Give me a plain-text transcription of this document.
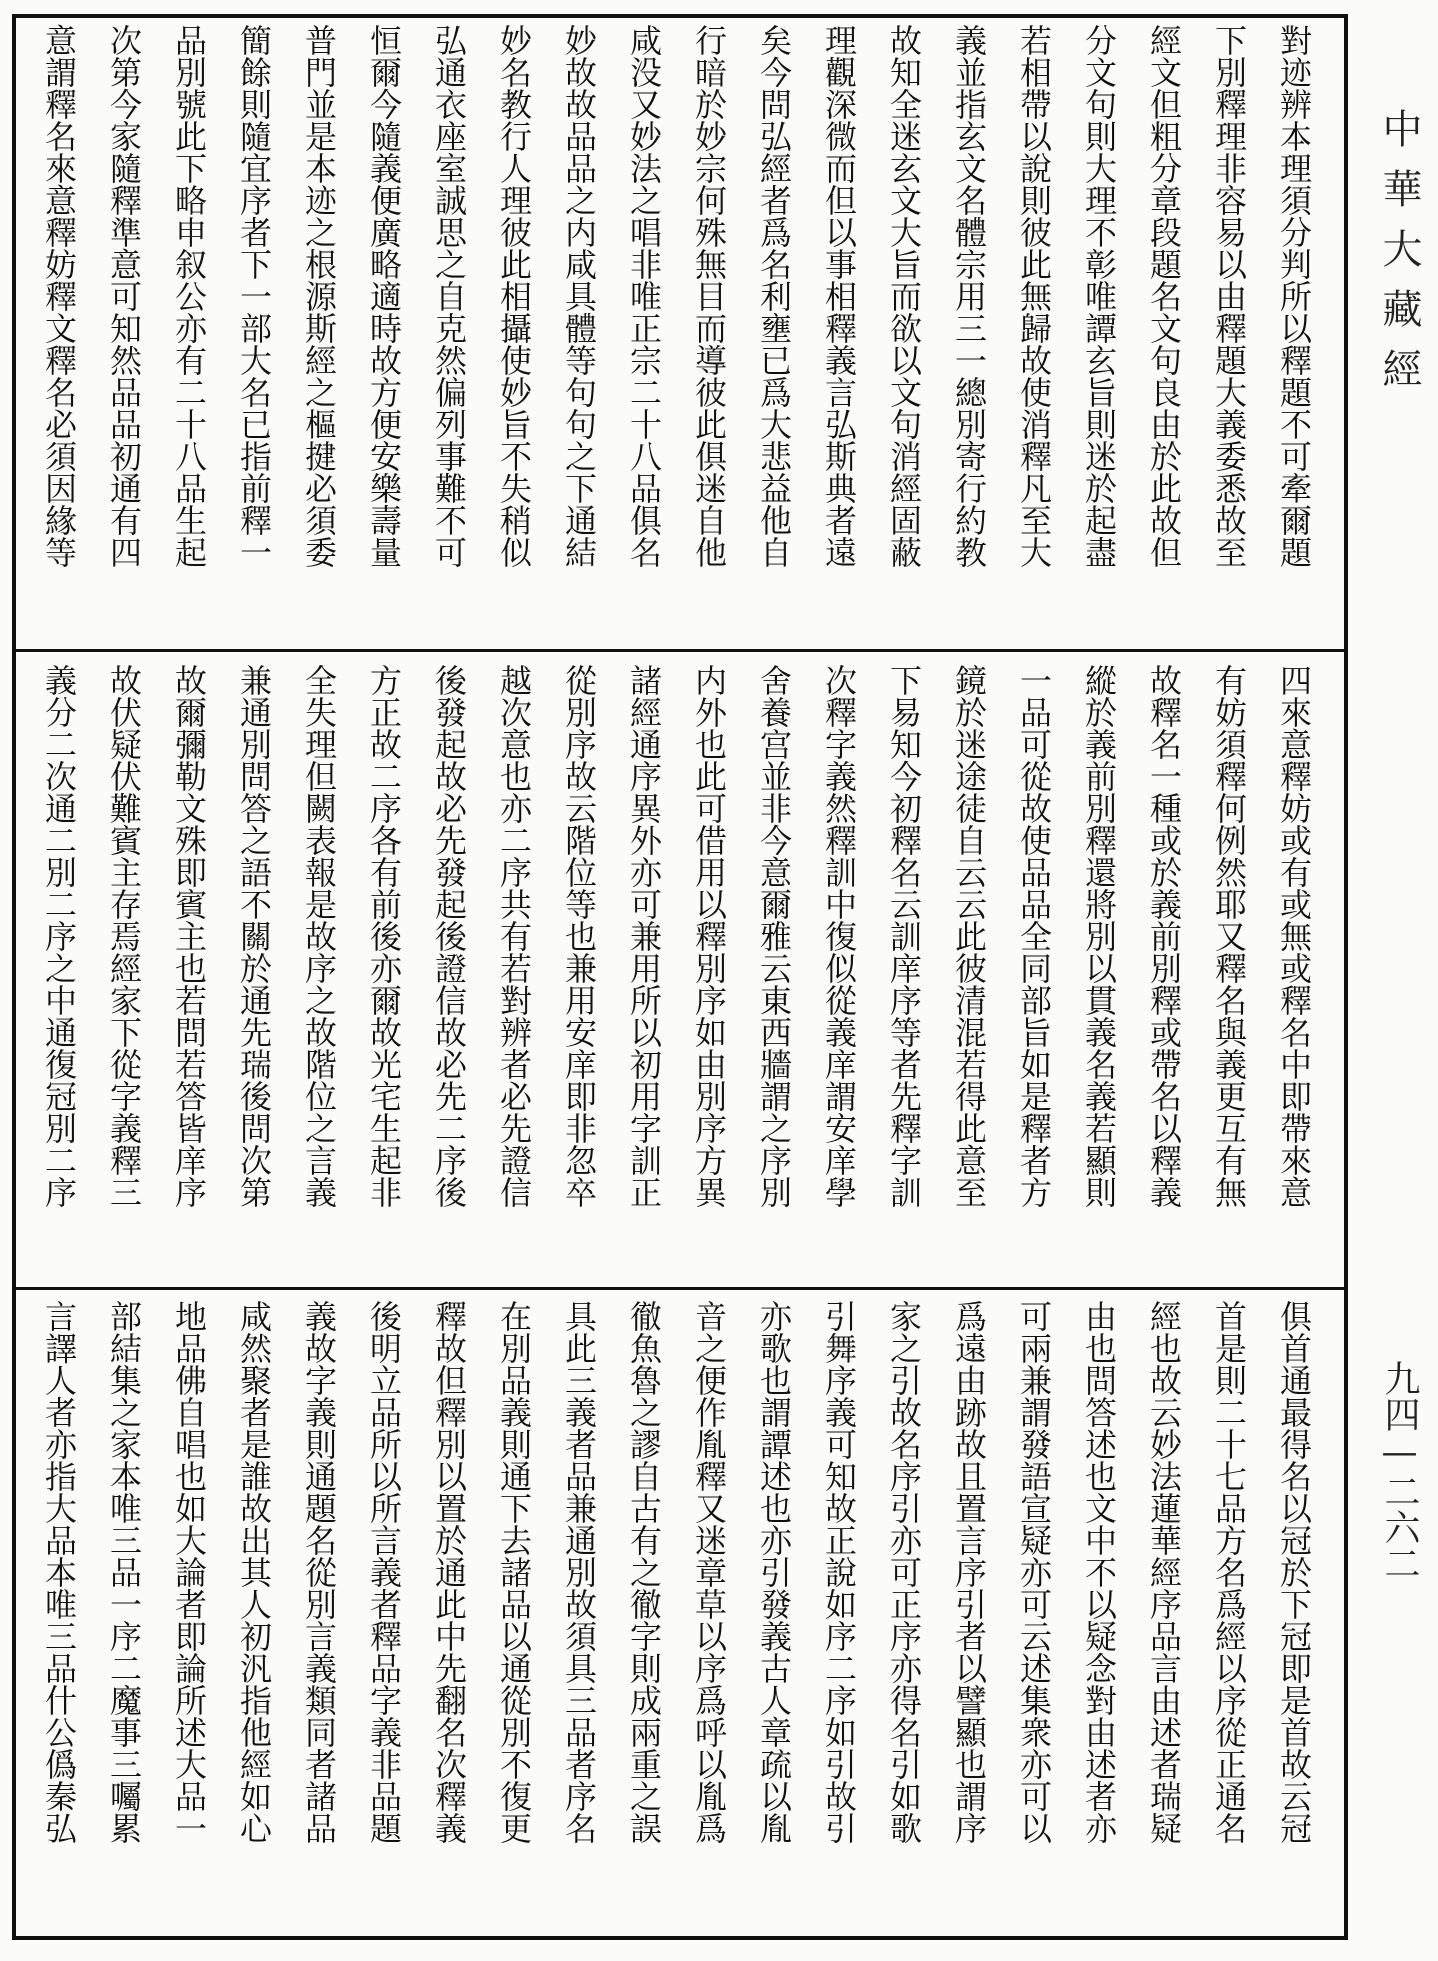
對迹辨本理須分判所以釋題不可牽爾題
下別釋理非容易以由釋題大義委悉故至
經文但粗分章段題名文句良由於此故但
分文句則大理不彰唯譚玄旨則迷於起盡
若相帶以說則彼此無歸故使消釋凡至大
義並指玄文名體宗用三一總別寄行約教
故知全迷玄文大旨而欲以文句消經固蔽
理觀深微而但以事相釋義言弘斯典者遠
矣今問弘經者爲名利壅已爲大悲益他自
行暗於妙宗何殊無目而導彼此俱迷自他
咸没又妙法之唱非唯正宗二十八品俱名
妙故故品品之内咸具體等句句之下通結
妙名教行人理彼此相攝使妙旨不失稍似
弘通衣座室誠思之自克然偏列事難不可
恒爾今隨義便廣略適時故方便安樂壽量
普門並是本迹之根源斯經之樞揵必須委
簡餘則隨宜序者下一部大名已指前釋一
品別號此下略申叙公亦有二十八品生起
次第今家隨釋準意可知然品品初通有四
意謂釋名來意釋妨釋文釋名必須因緣等
四來意釋妨或有或無或釋名中即帶來意
有妨須釋何例然耶又釋名與義更互有無
故釋名一種或於義前別釋或帶名以釋義
縱於義前別釋還將別以貫義名義若顯則
一品可從故使品品全同部旨如是釋者方
鏡於迷途徒自云云此彼清混若得此意至
下易知今初釋名云訓庠序等者先釋字訓
次釋字義然釋訓中復似從義庠謂安庠學
舍養宫並非今意爾雅云東西牆謂之序別
内外也此可借用以釋別序如由別序方異
諸經通序異外亦可兼用所以初用字訓正
從別序故云階位等也兼用安庠即非忽卒
越次意也亦二序共有若對辨者必先證信
後發起故必先發起後證信故必先二序後
方正故二序各有前後亦爾故光宅生起非
全失理但闕表報是故序之故階位之言義
兼通別問答之語不關於通先瑞後問次第
故爾彌勒文殊即賓主也若問若答皆庠序
故伏疑伏難賓主存焉經家下從字義釋三
義分二次通二別二序之中通復冠別二序
俱首通最得名以冠於下冠即是首故云冠
首是則二十七品方名爲經以序從正通名
經也故云妙法蓮華經序品言由述者瑞疑
由也問答述也文中不以疑念對由述者亦
可兩兼謂發語宣疑亦可云述集衆亦可以
爲遠由跡故且置言序引者以譬顯也謂序
家之引故名序引亦可正序亦得名引如歌
引舞序義可知故正說如序二序如引故引
亦歌也謂譚述也亦引發義古人章疏以胤
音之便作胤釋又迷章草以序爲呼以胤爲
徹魚魯之謬自古有之徹字則成兩重之誤
具此三義者品兼通別故須具三品者序名
在別品義則通下去諸品以通從別不復更
釋故但釋別以置於通此中先翻名次釋義
後明立品所以所言義者釋品字義非品題
義故字義則通題名從別言義類同者諸品
咸然聚者是誰故出其人初汎指他經如心
地品佛自唱也如大論者即論所述大品一
部結集之家本唯三品一序二魔事三囑累
言譯人者亦指大品本唯三品什公僞秦弘
中華大藏經
九四—二六二
